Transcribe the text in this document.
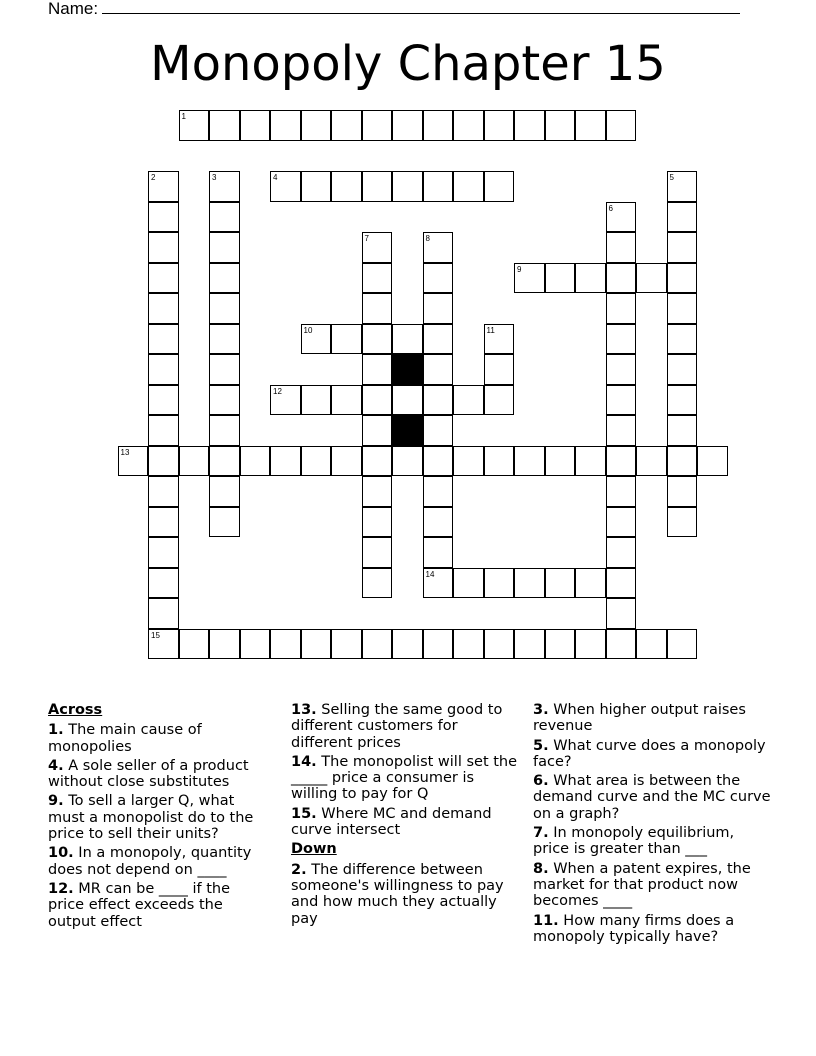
Name:
Monopoly Chapter 15
1
2	3	4	5
6
7	8
9
10	11
12
13
14
15
Across
1. The main cause of monopolies
4. A sole seller of a product without close substitutes
9. To sell a larger Q, what must a monopolist do to the price to sell their units?
10. In a monopoly, quantity does not depend on ____
12. MR can be ____ if the price effect exceeds the output effect
13. Selling the same good to different customers for different prices
14. The monopolist will set the _____ price a consumer is willing to pay for Q
15. Where MC and demand curve intersect
Down
2. The difference between someone's willingness to pay and how much they actually pay
3. When higher output raises revenue
5. What curve does a monopoly face?
6. What area is between the demand curve and the MC curve on a graph?
7. In monopoly equilibrium, price is greater than ___
8. When a patent expires, the market for that product now becomes ____
11. How many firms does a monopoly typically have?
